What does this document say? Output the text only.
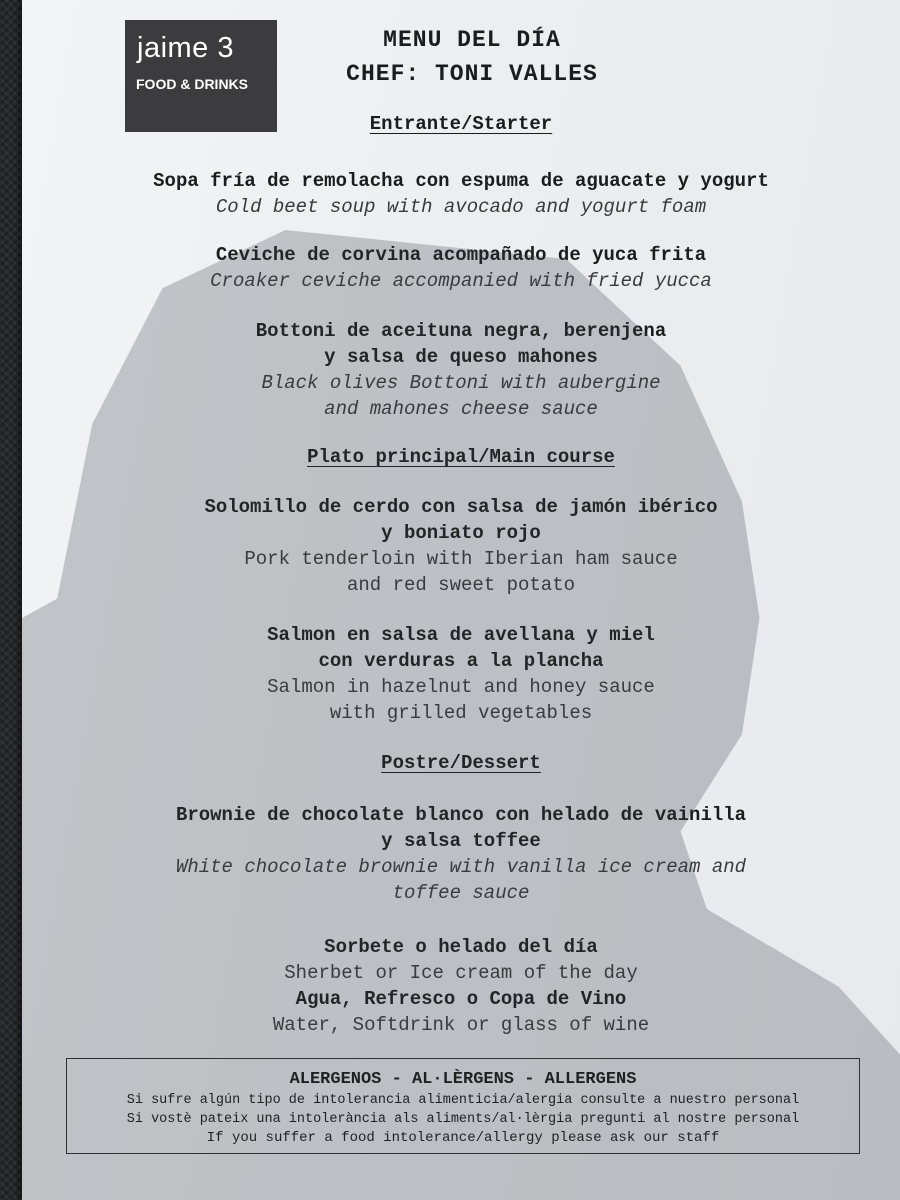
jaime 3
FOOD & DRINKS
MENU DEL DÍA
CHEF: TONI VALLES
Entrante/Starter
Sopa fría de remolacha con espuma de aguacate y yogurt
Cold beet soup with avocado and yogurt foam
Ceviche de corvina acompañado de yuca frita
Croaker ceviche accompanied with fried yucca
Bottoni de aceituna negra, berenjena
y salsa de queso mahones
Black olives Bottoni with aubergine
and mahones cheese sauce
Plato principal/Main course
Solomillo de cerdo con salsa de jamón ibérico
y boniato rojo
Pork tenderloin with Iberian ham sauce
and red sweet potato
Salmon en salsa de avellana y miel
con verduras a la plancha
Salmon in hazelnut and honey sauce
with grilled vegetables
Postre/Dessert
Brownie de chocolate blanco con helado de vainilla
y salsa toffee
White chocolate brownie with vanilla ice cream and
toffee sauce
Sorbete o helado del día
Sherbet or Ice cream of the day
Agua, Refresco o Copa de Vino
Water, Softdrink or glass of wine
ALERGENOS - AL·LÈRGENS - ALLERGENS
Si sufre algún tipo de intolerancia alimenticia/alergia consulte a nuestro personal
Si vostè pateix una intolerància als aliments/al·lèrgia pregunti al nostre personal
If you suffer a food intolerance/allergy please ask our staff
